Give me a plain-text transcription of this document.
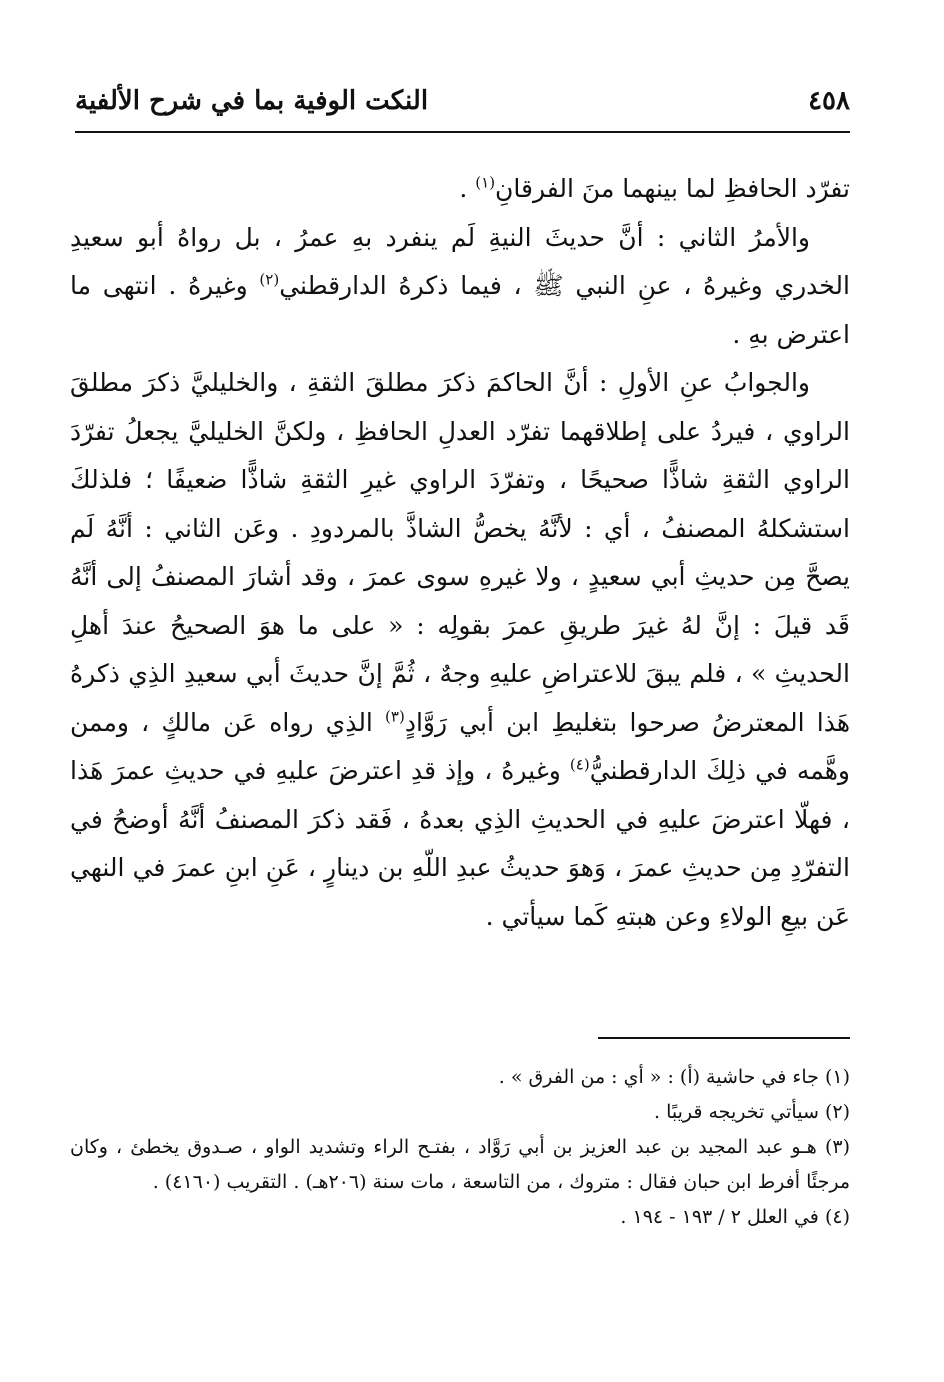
٤٥٨
النكت الوفية بما في شرح الألفية

تفرّد الحافظِ لما بينهما منَ الفرقانِ$^{(١)}$ .

والأمرُ الثاني : أنَّ حديثَ النيةِ لَم ينفرد بهِ عمرُ ، بل رواهُ أبو سعيدِ الخدري وغيرهُ ، عنِ النبي ﷺ ، فيما ذكرهُ الدارقطني$^{(٢)}$ وغيرهُ . انتهى ما اعترض بهِ .

والجوابُ عنِ الأولِ : أنَّ الحاكمَ ذكرَ مطلقَ الثقةِ ، والخليليَّ ذكرَ مطلقَ الراوي ، فيردُ على إطلاقهما تفرّد العدلِ الحافظِ ، ولكنَّ الخليليَّ يجعلُ تفرّدَ الراوي الثقةِ شاذًّا صحيحًا ، وتفرّدَ الراوي غيرِ الثقةِ شاذًّا ضعيفًا ؛ فلذلكَ استشكلهُ المصنفُ ، أي : لأنَّهُ يخصُّ الشاذَّ بالمردودِ . وعَن الثاني : أنَّهُ لَم يصحَّ مِن حديثِ أبي سعيدٍ ، ولا غيرهِ سوى عمرَ ، وقد أشارَ المصنفُ إلى أنَّهُ قَد قيلَ : إنَّ لهُ غيرَ طريقِ عمرَ بقولِه : « على ما هوَ الصحيحُ عندَ أهلِ الحديثِ » ، فلم يبقَ للاعتراضِ عليهِ وجهٌ ، ثُمَّ إنَّ حديثَ أبي سعيدِ الذِي ذكرهُ هَذا المعترضُ صرحوا بتغليطِ ابن أبي رَوَّادٍ$^{(٣)}$ الذِي رواه عَن مالكٍ ، وممن وهَّمه في ذلِكَ الدارقطنيُّ$^{(٤)}$ وغيرهُ ، وإذ قدِ اعترضَ عليهِ في حديثِ عمرَ هَذا ، فهلّا اعترضَ عليهِ في الحديثِ الذِي بعدهُ ، فَقد ذكرَ المصنفُ أنَّهُ أوضحُ في التفرّدِ مِن حديثِ عمرَ ، وَهوَ حديثُ عبدِ اللّهِ بن دينارٍ ، عَنِ ابنِ عمرَ في النهي عَن بيعِ الولاءِ وعن هبتهِ كَما سيأتي .

(١) جاء في حاشية (أ) : « أي : من الفرق » .

(٢) سيأتي تخريجه قريبًا .

(٣) هـو عبد المجيد بن عبد العزيز بن أبي رَوَّاد ، بفتـح الراء وتشديد الواو ، صـدوق يخطئ ، وكان مرجئًا أفرط ابن حبان فقال : متروك ، من التاسعة ، مات سنة (٢٠٦هـ) . التقريب (٤١٦٠) .

(٤) في العلل ٢ / ١٩٣ - ١٩٤ .
